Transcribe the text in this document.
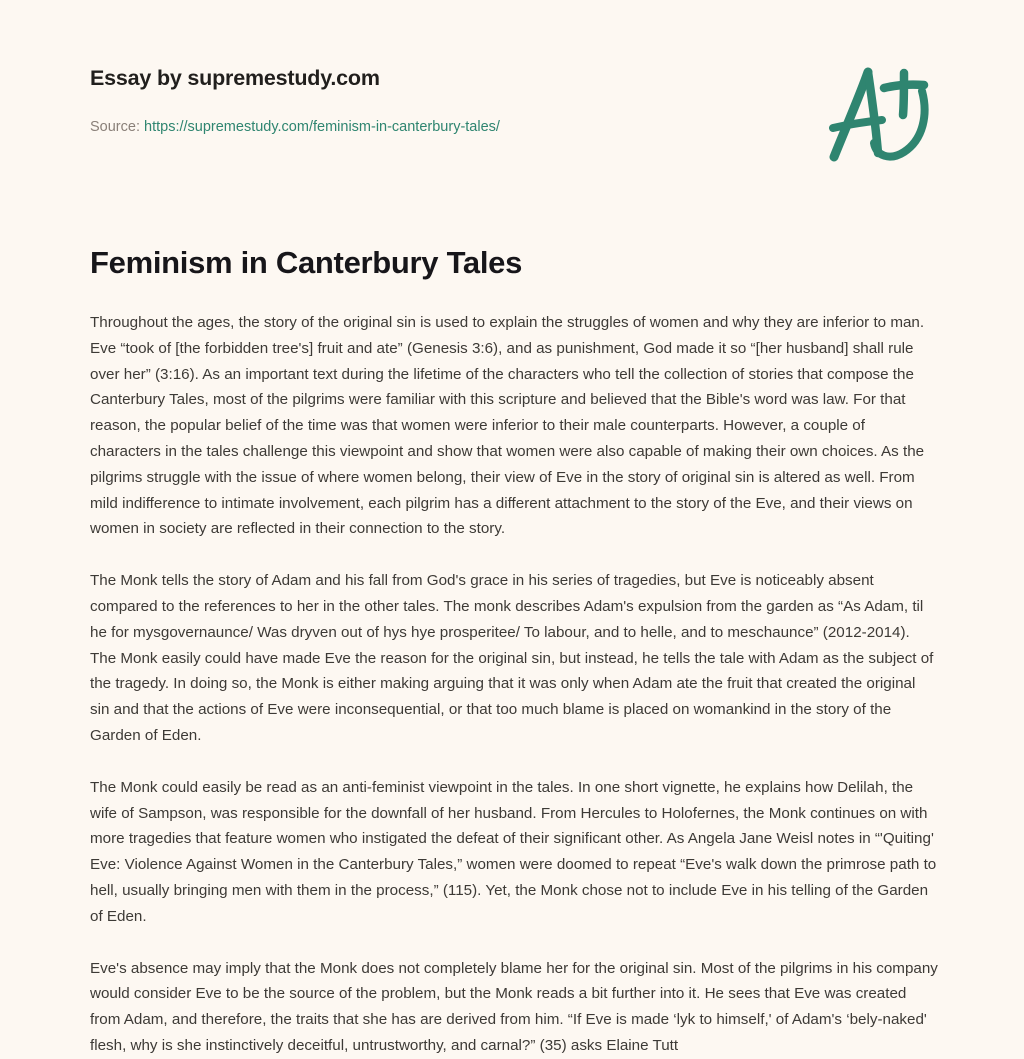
Essay by supremestudy.com
Source: https://supremestudy.com/feminism-in-canterbury-tales/
Feminism in Canterbury Tales

Throughout the ages, the story of the original sin is used to explain the struggles of women and why they are inferior to man. Eve “took of [the forbidden tree's] fruit and ate” (Genesis 3:6), and as punishment, God made it so “[her husband] shall rule over her” (3:16). As an important text during the lifetime of the characters who tell the collection of stories that compose the Canterbury Tales, most of the pilgrims were familiar with this scripture and believed that the Bible's word was law. For that reason, the popular belief of the time was that women were inferior to their male counterparts. However, a couple of characters in the tales challenge this viewpoint and show that women were also capable of making their own choices. As the pilgrims struggle with the issue of where women belong, their view of Eve in the story of original sin is altered as well. From mild indifference to intimate involvement, each pilgrim has a different attachment to the story of the Eve, and their views on women in society are reflected in their connection to the story.

The Monk tells the story of Adam and his fall from God's grace in his series of tragedies, but Eve is noticeably absent compared to the references to her in the other tales. The monk describes Adam's expulsion from the garden as “As Adam, til he for mysgovernaunce/ Was dryven out of hys hye prosperitee/ To labour, and to helle, and to meschaunce” (2012-2014). The Monk easily could have made Eve the reason for the original sin, but instead, he tells the tale with Adam as the subject of the tragedy. In doing so, the Monk is either making arguing that it was only when Adam ate the fruit that created the original sin and that the actions of Eve were inconsequential, or that too much blame is placed on womankind in the story of the Garden of Eden.

The Monk could easily be read as an anti-feminist viewpoint in the tales. In one short vignette, he explains how Delilah, the wife of Sampson, was responsible for the downfall of her husband. From Hercules to Holofernes, the Monk continues on with more tragedies that feature women who instigated the defeat of their significant other. As Angela Jane Weisl notes in “'Quiting' Eve: Violence Against Women in the Canterbury Tales,” women were doomed to repeat “Eve's walk down the primrose path to hell, usually bringing men with them in the process,” (115). Yet, the Monk chose not to include Eve in his telling of the Garden of Eden.

Eve's absence may imply that the Monk does not completely blame her for the original sin. Most of the pilgrims in his company would consider Eve to be the source of the problem, but the Monk reads a bit further into it. He sees that Eve was created from Adam, and therefore, the traits that she has are derived from him. “If Eve is made ‘lyk to himself,' of Adam's ‘bely-naked' flesh, why is she instinctively deceitful, untrustworthy, and carnal?” (35) asks Elaine Tutt
